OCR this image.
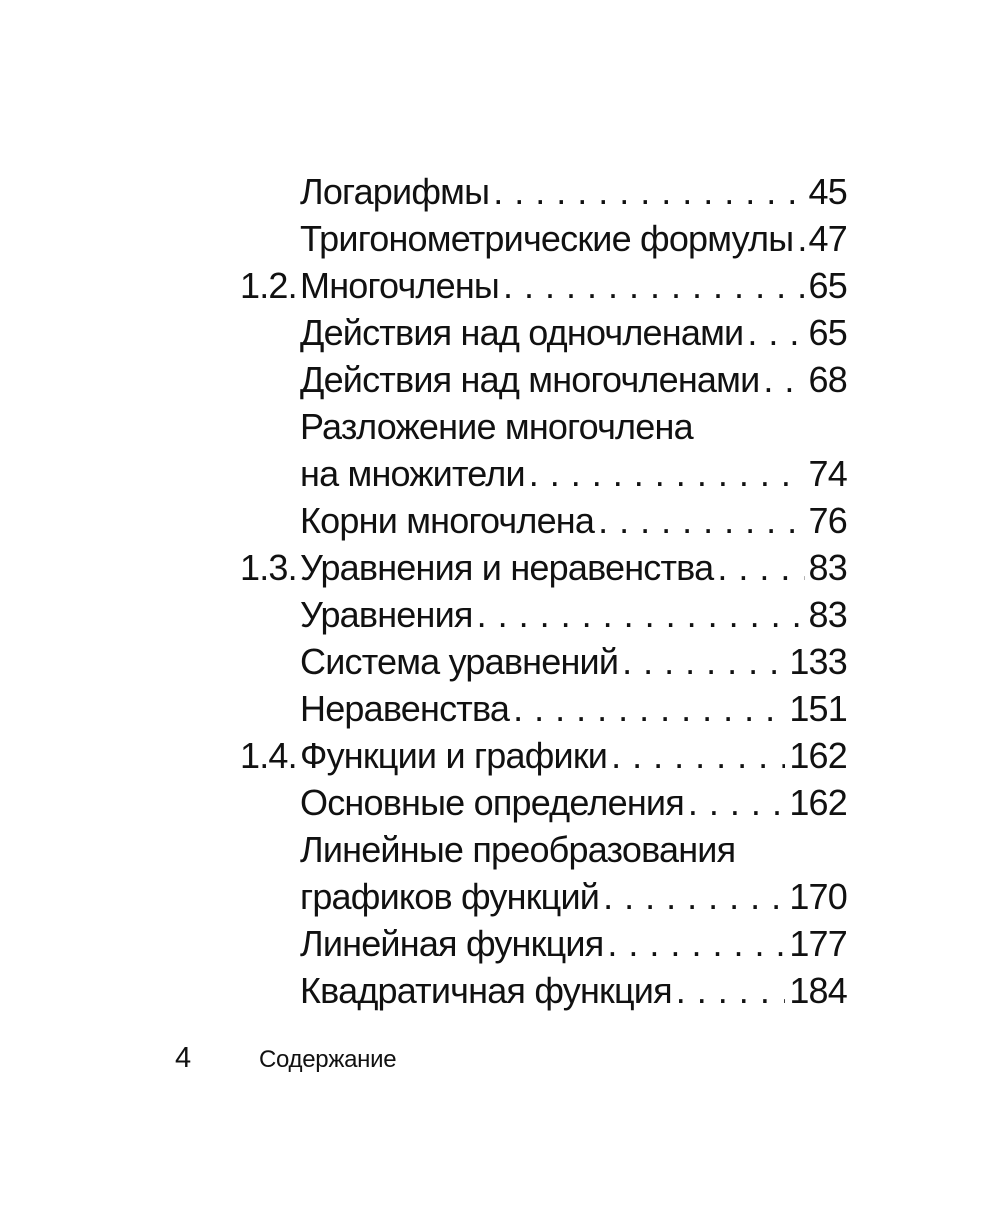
Логарифмы . . .	45
Тригонометрические формулы . . . 47
1.2. Многочлены . . .	65
Действия над одночленами . . . 65
Действия над многочленами . . . 68
Разложение многочлена
на множители . . .	74
Корни многочлена . . .	76
1.3. Уравнения и неравенства . . .	83
Уравнения . . .	83
Система уравнений . . .	133
Неравенства . . .	151
1.4. Функции и графики . . .	162
Основные определения . . .	162
Линейные преобразования
графиков функций . . .	170
Линейная функция . . .	177
Квадратичная функция . . .	184
4	Содержание
